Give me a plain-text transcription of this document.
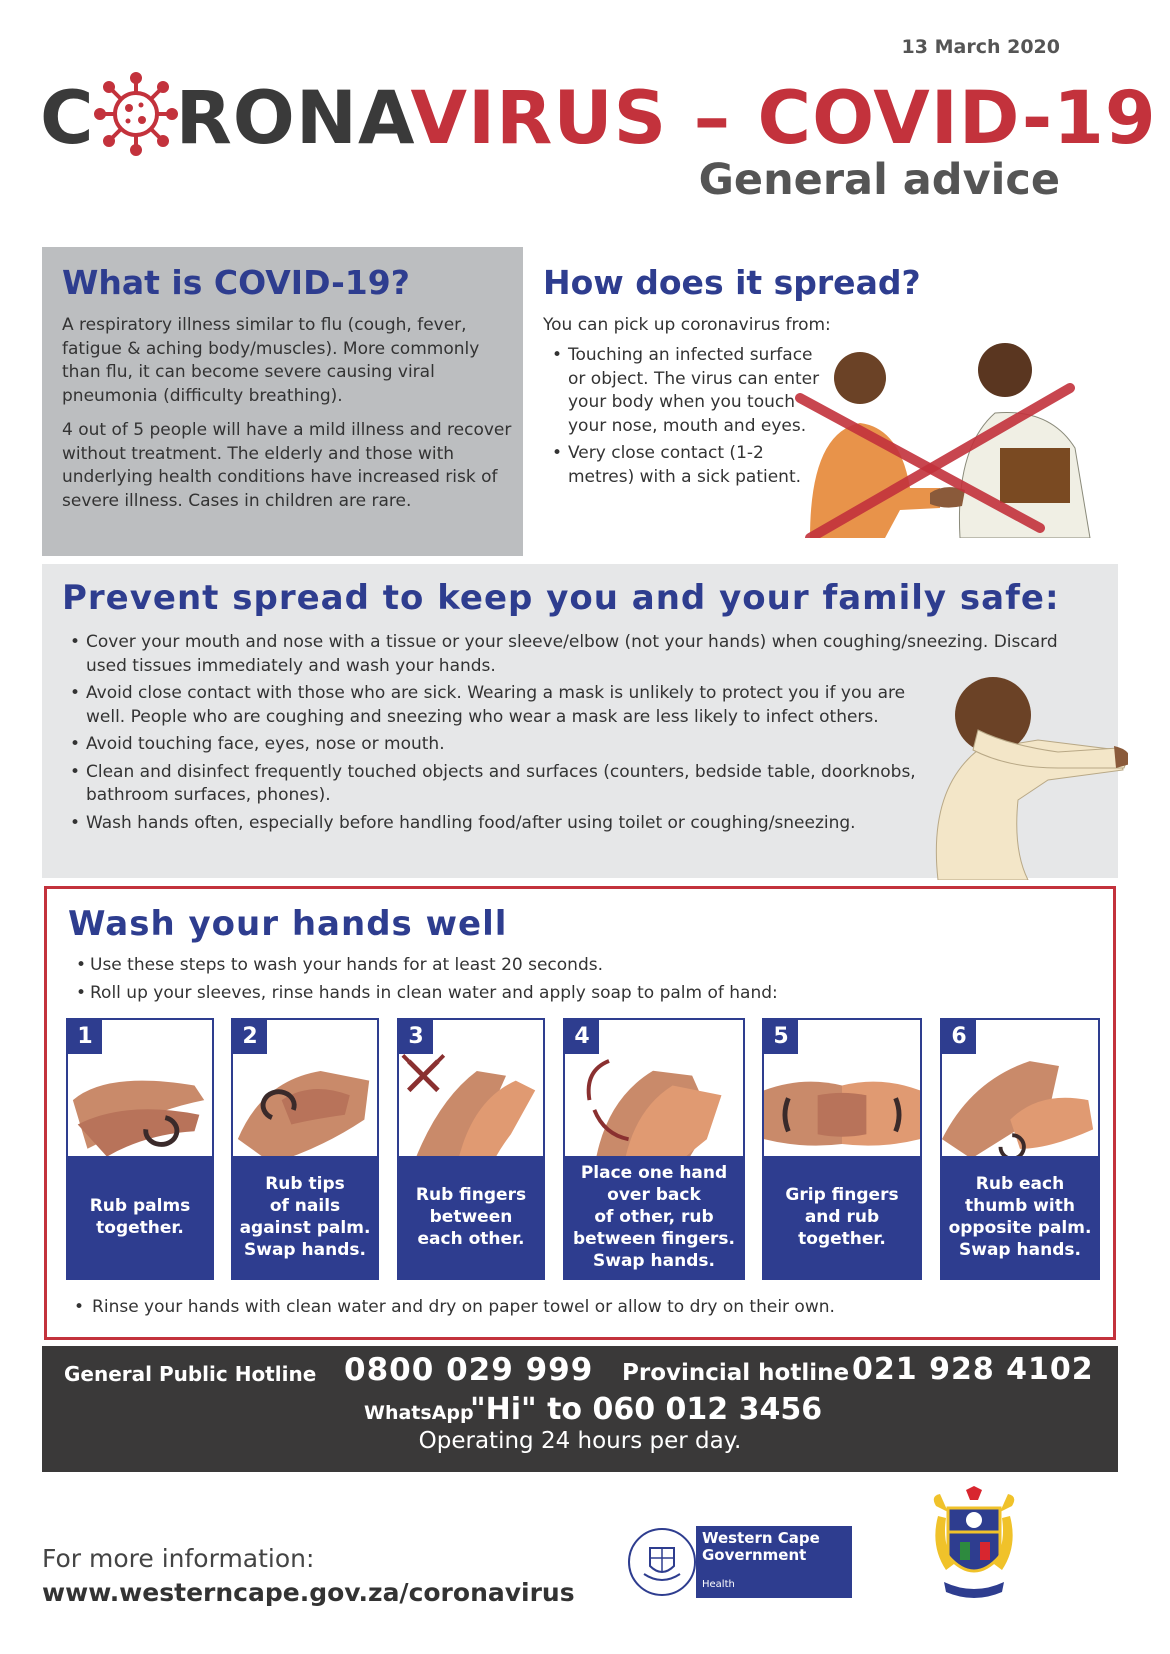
13 March 2020
C RONAVIRUS – COVID-19
General advice
What is COVID-19?
A respiratory illness similar to flu (cough, fever, fatigue & aching body/muscles). More commonly than flu, it can become severe causing viral pneumonia (difficulty breathing).
4 out of 5 people will have a mild illness and recover without treatment. The elderly and those with underlying health conditions have increased risk of severe illness. Cases in children are rare.
How does it spread?
You can pick up coronavirus from:
• Touching an infected surface or object. The virus can enter your body when you touch your nose, mouth and eyes.
• Very close contact (1-2 metres) with a sick patient.
Prevent spread to keep you and your family safe:
• Cover your mouth and nose with a tissue or your sleeve/elbow (not your hands) when coughing/sneezing. Discard used tissues immediately and wash your hands.
• Avoid close contact with those who are sick. Wearing a mask is unlikely to protect you if you are well. People who are coughing and sneezing who wear a mask are less likely to infect others.
• Avoid touching face, eyes, nose or mouth.
• Clean and disinfect frequently touched objects and surfaces (counters, bedside table, doorknobs, bathroom surfaces, phones).
• Wash hands often, especially before handling food/after using toilet or coughing/sneezing.
Wash your hands well
• Use these steps to wash your hands for at least 20 seconds.
• Roll up your sleeves, rinse hands in clean water and apply soap to palm of hand:
1
Rub palms
together.
2
Rub tips
of nails
against palm.
Swap hands.
3
Rub fingers
between
each other.
4
Place one hand
over back
of other, rub
between fingers.
Swap hands.
5
Grip fingers
and rub
together.
6
Rub each
thumb with
opposite palm.
Swap hands.
• Rinse your hands with clean water and dry on paper towel or allow to dry on their own.
General Public Hotline 0800 029 999 Provincial hotline 021 928 4102
WhatsApp
"Hi" to 060 012 3456
Operating 24 hours per day.
For more information:
www.westerncape.gov.za/coronavirus
Western Cape Government
Health
